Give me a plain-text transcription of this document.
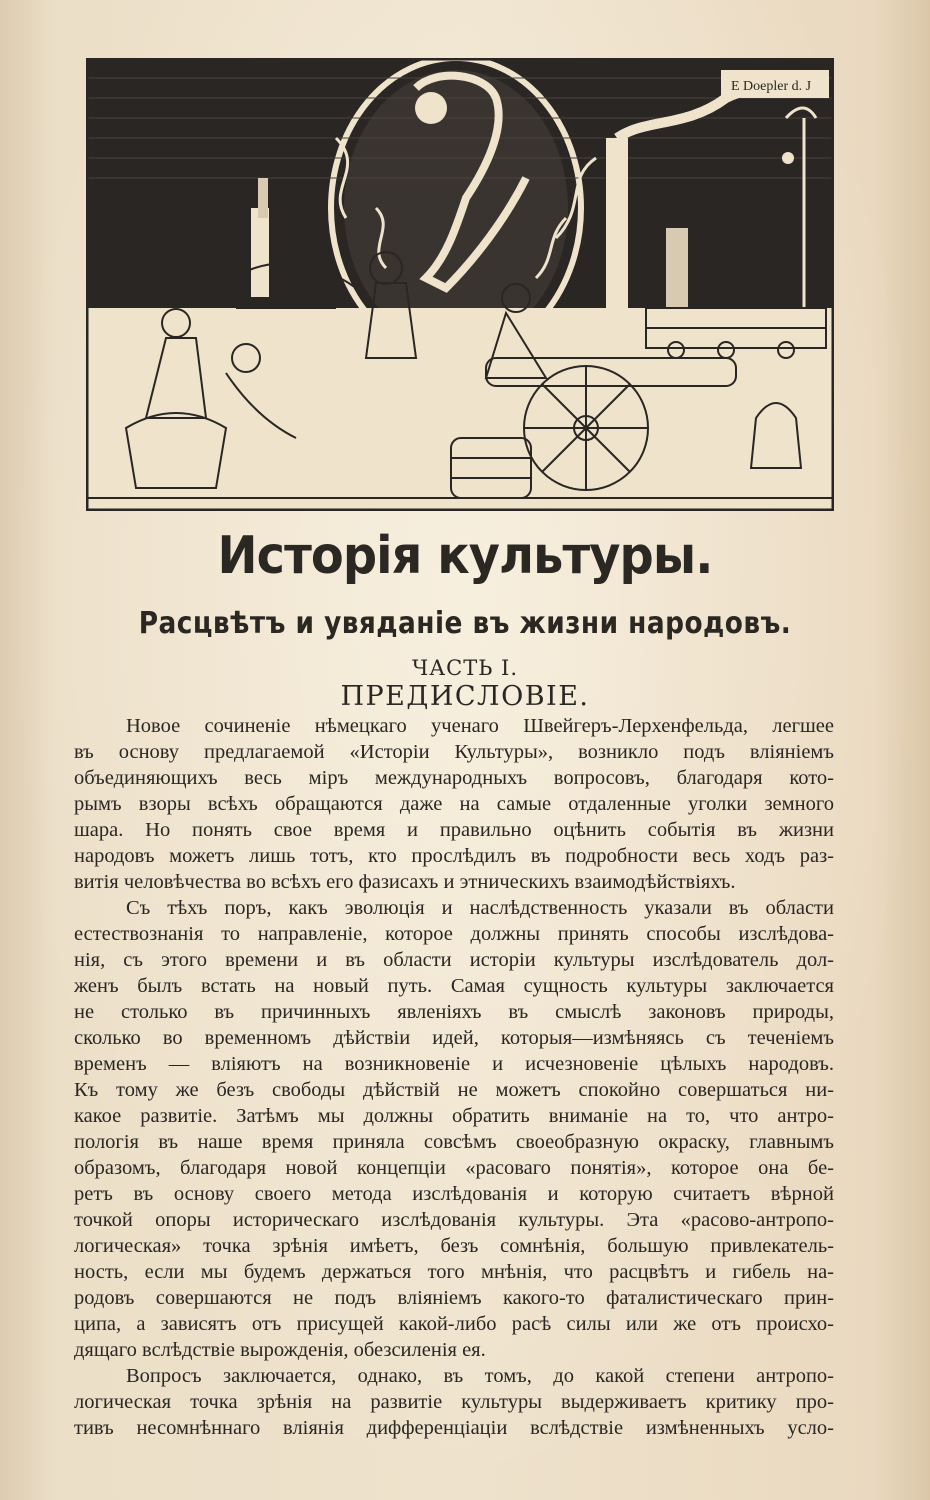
E Doepler d. J
Исторія культуры.
Расцвѣтъ и увяданіе въ жизни народовъ.
ЧАСТЬ I.
ПРЕДИСЛОВІЕ.
Новое сочиненіе нѣмецкаго ученаго Швейгеръ-Лерхенфельда, легшее
въ основу предлагаемой «Исторіи Культуры», возникло подъ вліяніемъ
объединяющихъ весь міръ международныхъ вопросовъ, благодаря кото-
рымъ взоры всѣхъ обращаются даже на самые отдаленные уголки земного
шара. Но понять свое время и правильно оцѣнить событія въ жизни
народовъ можетъ лишь тотъ, кто прослѣдилъ въ подробности весь ходъ раз-
витія человѣчества во всѣхъ его фазисахъ и этническихъ взаимодѣйствіяхъ.
Съ тѣхъ поръ, какъ эволюція и наслѣдственность указали въ области
естествознанія то направленіе, которое должны принять способы изслѣдова-
нія, съ этого времени и въ области исторіи культуры изслѣдователь дол-
женъ былъ встать на новый путь. Самая сущность культуры заключается
не столько въ причинныхъ явленіяхъ въ смыслѣ законовъ природы,
сколько во временномъ дѣйствіи идей, которыя—измѣняясь съ теченіемъ
временъ — вліяютъ на возникновеніе и исчезновеніе цѣлыхъ народовъ.
Къ тому же безъ свободы дѣйствій не можетъ спокойно совершаться ни-
какое развитіе. Затѣмъ мы должны обратить вниманіе на то, что антро-
пологія въ наше время приняла совсѣмъ своеобразную окраску, главнымъ
образомъ, благодаря новой концепціи «расоваго понятія», которое она бе-
ретъ въ основу своего метода изслѣдованія и которую считаетъ вѣрной
точкой опоры историческаго изслѣдованія культуры. Эта «расово-антропо-
логическая» точка зрѣнія имѣетъ, безъ сомнѣнія, большую привлекатель-
ность, если мы будемъ держаться того мнѣнія, что расцвѣтъ и гибель на-
родовъ совершаются не подъ вліяніемъ какого-то фаталистическаго прин-
ципа, а зависятъ отъ присущей какой-либо расѣ силы или же отъ происхо-
дящаго вслѣдствіе вырожденія, обезсиленія ея.
Вопросъ заключается, однако, въ томъ, до какой степени антропо-
логическая точка зрѣнія на развитіе культуры выдерживаетъ критику про-
тивъ несомнѣннаго вліянія дифференціаціи вслѣдствіе измѣненныхъ усло-
